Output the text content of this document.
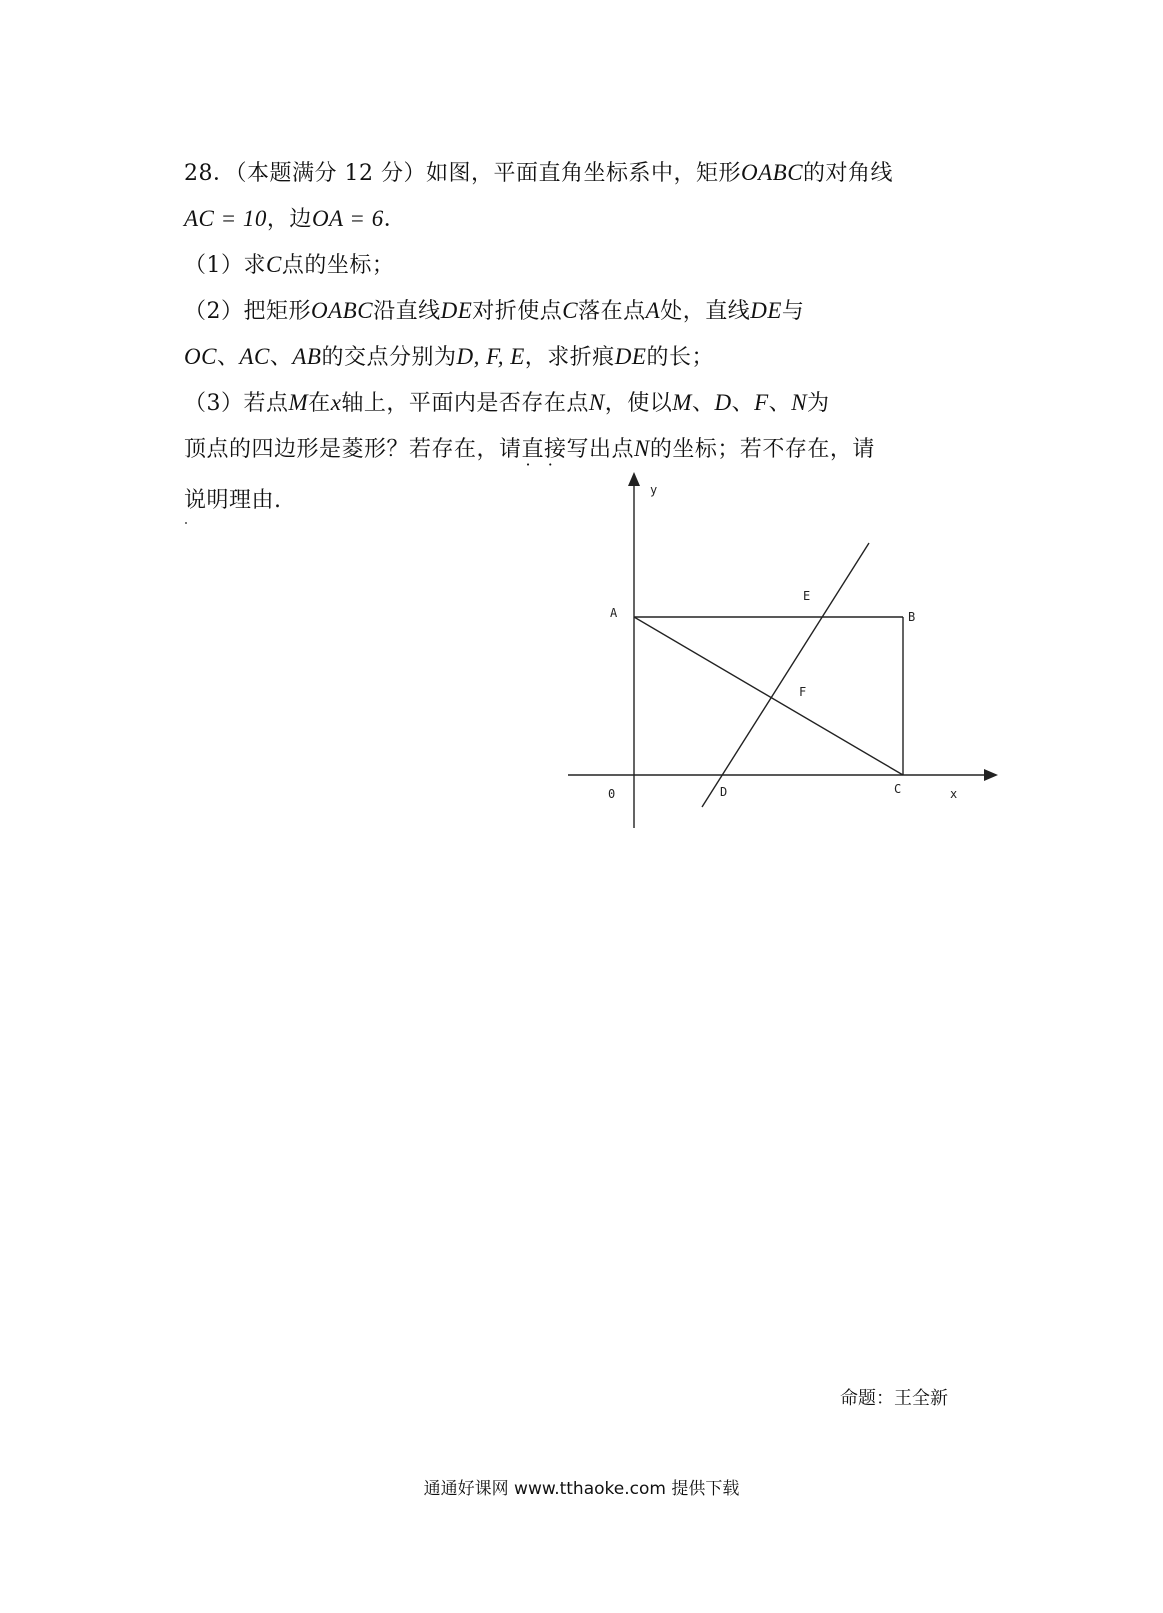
28．（本题满分 12 分）如图，平面直角坐标系中，矩形OABC的对角线

AC = 10，边OA = 6．

（1）求C点的坐标；

（2）把矩形OABC沿直线DE对折使点C落在点A处，直线DE与

OC、AC、AB的交点分别为D, F, E，求折痕DE的长；

（3）若点M在x轴上，平面内是否存在点N，使以M、D、F、N为

顶点的四边形是菱形？若存在，请直接 · ·写出点N的坐标；若不存在，请

说明理由.	y
x
0
A	B
C
D
E
F
命题：王全新
通通好课网 www.tthaoke.com 提供下载
